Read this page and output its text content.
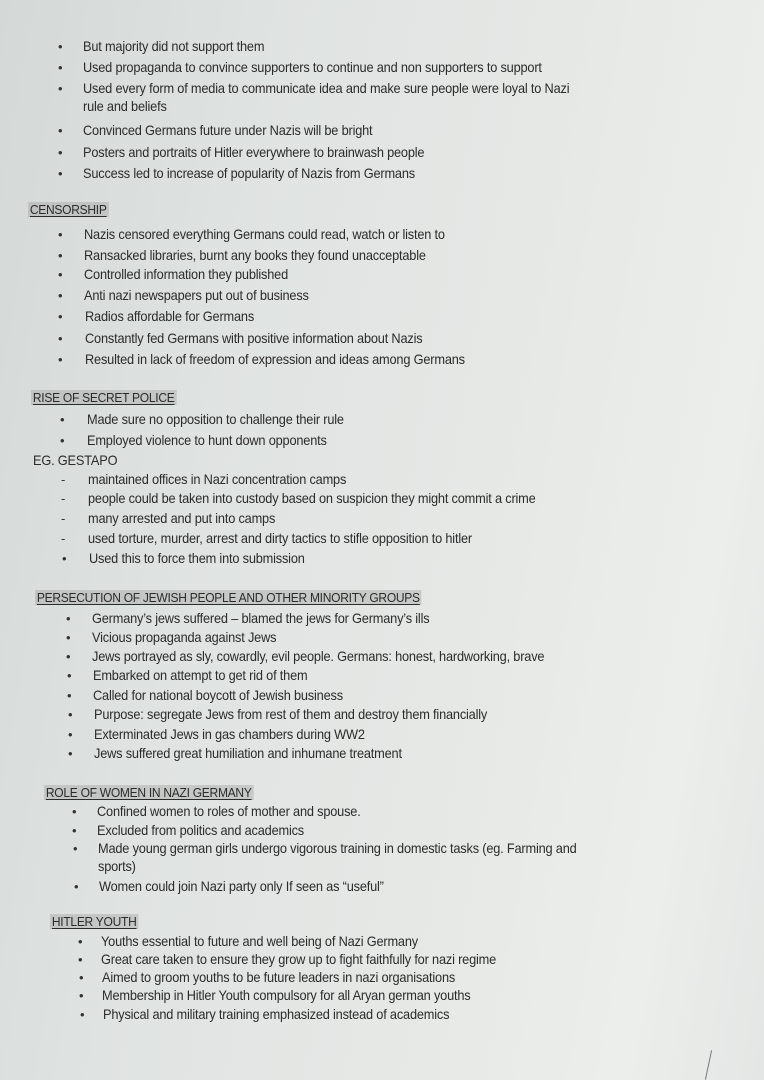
• But majority did not support them
• Used propaganda to convince supporters to continue and non supporters to support
• Used every form of media to communicate idea and make sure people were loyal to Nazi
rule and beliefs
• Convinced Germans future under Nazis will be bright
• Posters and portraits of Hitler everywhere to brainwash people
• Success led to increase of popularity of Nazis from Germans
CENSORSHIP
• Nazis censored everything Germans could read, watch or listen to
• Ransacked libraries, burnt any books they found unacceptable
• Controlled information they published
• Anti nazi newspapers put out of business
• Radios affordable for Germans
• Constantly fed Germans with positive information about Nazis
• Resulted in lack of freedom of expression and ideas among Germans
RISE OF SECRET POLICE
• Made sure no opposition to challenge their rule
• Employed violence to hunt down opponents
EG. GESTAPO
- maintained offices in Nazi concentration camps
- people could be taken into custody based on suspicion they might commit a crime
- many arrested and put into camps
- used torture, murder, arrest and dirty tactics to stifle opposition to hitler
• Used this to force them into submission
PERSECUTION OF JEWISH PEOPLE AND OTHER MINORITY GROUPS
• Germany’s jews suffered – blamed the jews for Germany’s ills
• Vicious propaganda against Jews
• Jews portrayed as sly, cowardly, evil people. Germans: honest, hardworking, brave
• Embarked on attempt to get rid of them
• Called for national boycott of Jewish business
• Purpose: segregate Jews from rest of them and destroy them financially
• Exterminated Jews in gas chambers during WW2
• Jews suffered great humiliation and inhumane treatment
ROLE OF WOMEN IN NAZI GERMANY
• Confined women to roles of mother and spouse.
• Excluded from politics and academics
• Made young german girls undergo vigorous training in domestic tasks (eg. Farming and
sports)
• Women could join Nazi party only If seen as “useful”
HITLER YOUTH
• Youths essential to future and well being of Nazi Germany
• Great care taken to ensure they grow up to fight faithfully for nazi regime
• Aimed to groom youths to be future leaders in nazi organisations
• Membership in Hitler Youth compulsory for all Aryan german youths
• Physical and military training emphasized instead of academics
